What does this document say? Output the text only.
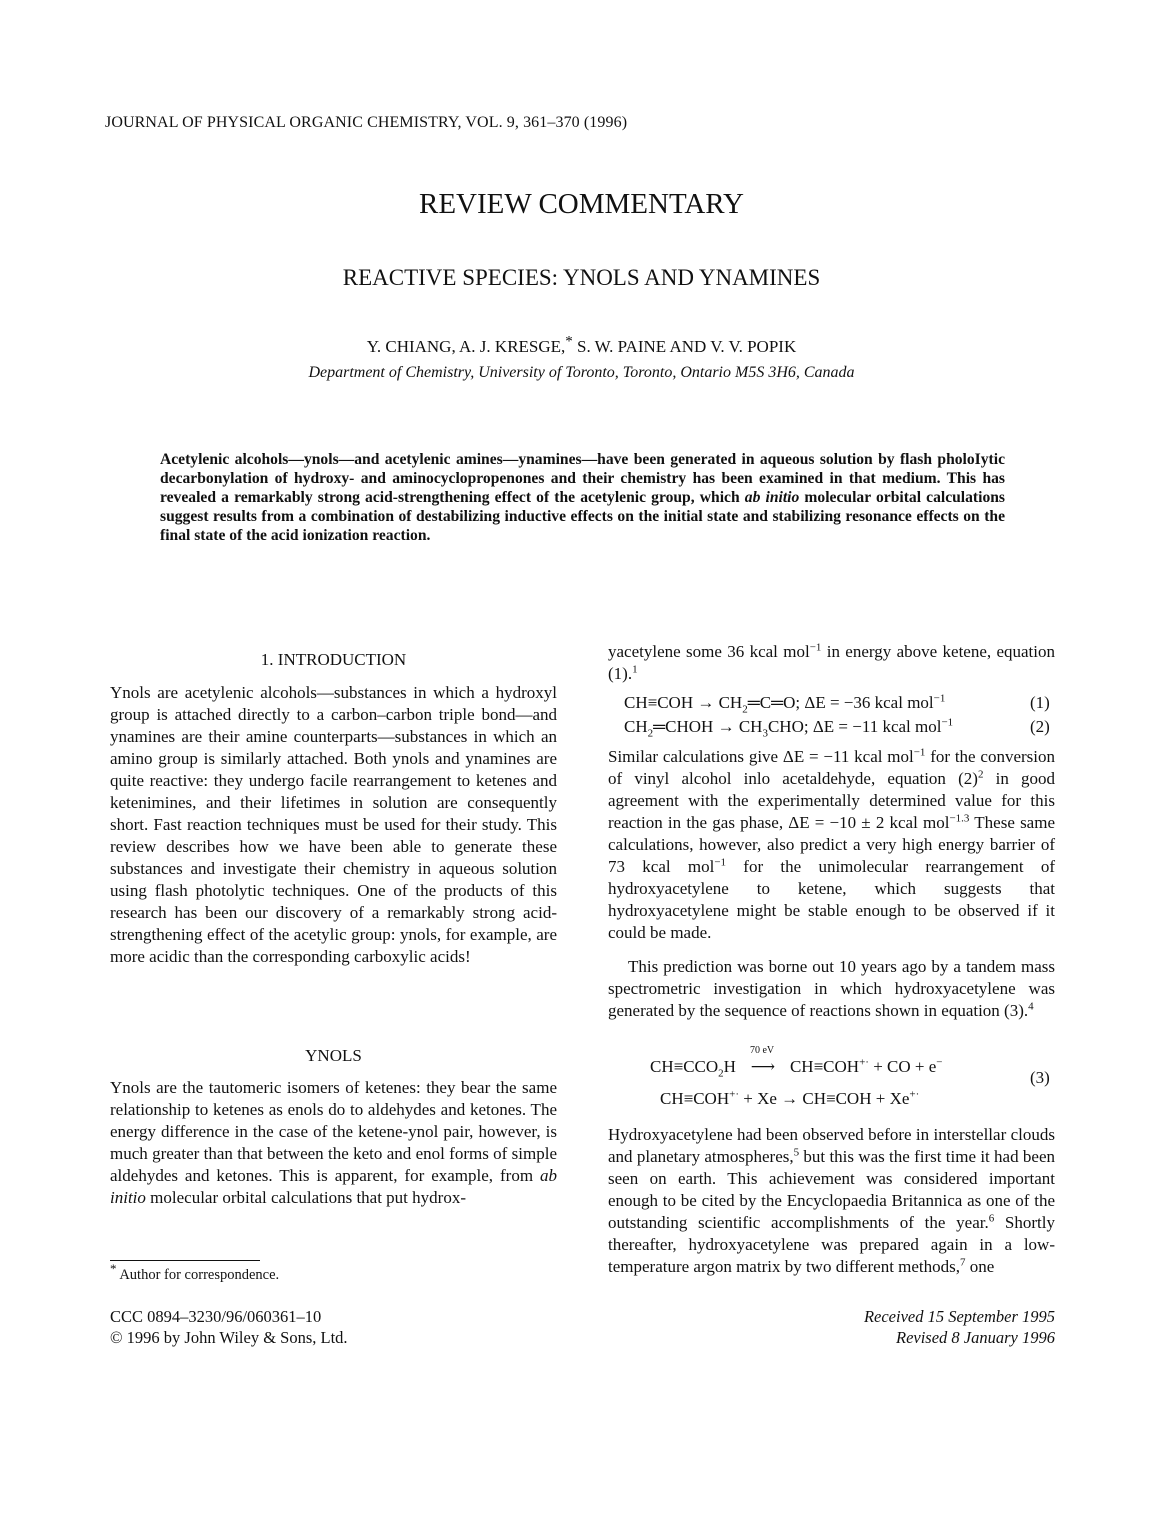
JOURNAL OF PHYSICAL ORGANIC CHEMISTRY, VOL. 9, 361–370 (1996)
REVIEW COMMENTARY
REACTIVE SPECIES: YNOLS AND YNAMINES
Y. CHIANG, A. J. KRESGE,* S. W. PAINE AND V. V. POPIK
Department of Chemistry, University of Toronto, Toronto, Ontario M5S 3H6, Canada
Acetylenic alcohols—ynols—and acetylenic amines—ynamines—have been generated in aqueous solution by flash pholoIytic decarbonylation of hydroxy- and aminocyclopropenones and their chemistry has been examined in that medium. This has revealed a remarkably strong acid-strengthening effect of the acetylenic group, which ab initio molecular orbital calculations suggest results from a combination of destabilizing inductive effects on the initial state and stabilizing resonance effects on the final state of the acid ionization reaction.
1. INTRODUCTION
Ynols are acetylenic alcohols—substances in which a hydroxyl group is attached directly to a carbon–carbon triple bond—and ynamines are their amine counterparts—substances in which an amino group is similarly attached. Both ynols and ynamines are quite reactive: they undergo facile rearrangement to ketenes and ketenimines, and their lifetimes in solution are consequently short. Fast reaction techniques must be used for their study. This review describes how we have been able to generate these substances and investigate their chemistry in aqueous solution using flash photolytic techniques. One of the products of this research has been our discovery of a remarkably strong acid-strengthening effect of the acetylic group: ynols, for example, are more acidic than the corresponding carboxylic acids!
YNOLS
Ynols are the tautomeric isomers of ketenes: they bear the same relationship to ketenes as enols do to aldehydes and ketones. The energy difference in the case of the ketene-ynol pair, however, is much greater than that between the keto and enol forms of simple aldehydes and ketones. This is apparent, for example, from ab initio molecular orbital calculations that put hydrox-
yacetylene some 36 kcal mol$^{-1}$ in energy above ketene, equation (1).$^1$
$CH\equiv COH \to CH_2═C═O$; ΔE = −36 kcal mol$^{-1}$	(1)
$CH_2═CHOH \to CH_3CHO$; ΔE = −11 kcal mol$^{-1}$	(2)
Similar calculations give ΔE = −11 kcal mol$^{-1}$ for the conversion of vinyl alcohol inlo acetaldehyde, equation $(2)^2$ in good agreement with the experimentally determined value for this reaction in the gas phase, ΔE = −10 ± 2 kcal mol$^{-1.3}$ These same calculations, however, also predict a very high energy barrier of 73 kcal mol$^{-1}$ for the unimolecular rearrangement of hydroxyacetylene to ketene, which suggests that hydroxyacetylene might be stable enough to be observed if it could be made.
This prediction was borne out 10 years ago by a tandem mass spectrometric investigation in which hydroxyacetylene was generated by the sequence of reactions shown in equation (3).$^4$
$CH\equiv CCO_2H$ ⟶
70 eV
CH≡COH+· + CO + e−
CH≡COH+· + Xe → CH≡COH + Xe+·
(3)
Hydroxyacetylene had been observed before in interstellar clouds and planetary atmospheres,$^5$ but this was the first time it had been seen on earth. This achievement was considered important enough to be cited by the Encyclopaedia Britannica as one of the outstanding scientific accomplishments of the year.$^6$ Shortly thereafter, hydroxyacetylene was prepared again in a low-temperature argon matrix by two different methods,$^7$ one
* Author for correspondence.
CCC 0894–3230/96/060361–10
© 1996 by John Wiley & Sons, Ltd.
Received 15 September 1995
Revised 8 January 1996
